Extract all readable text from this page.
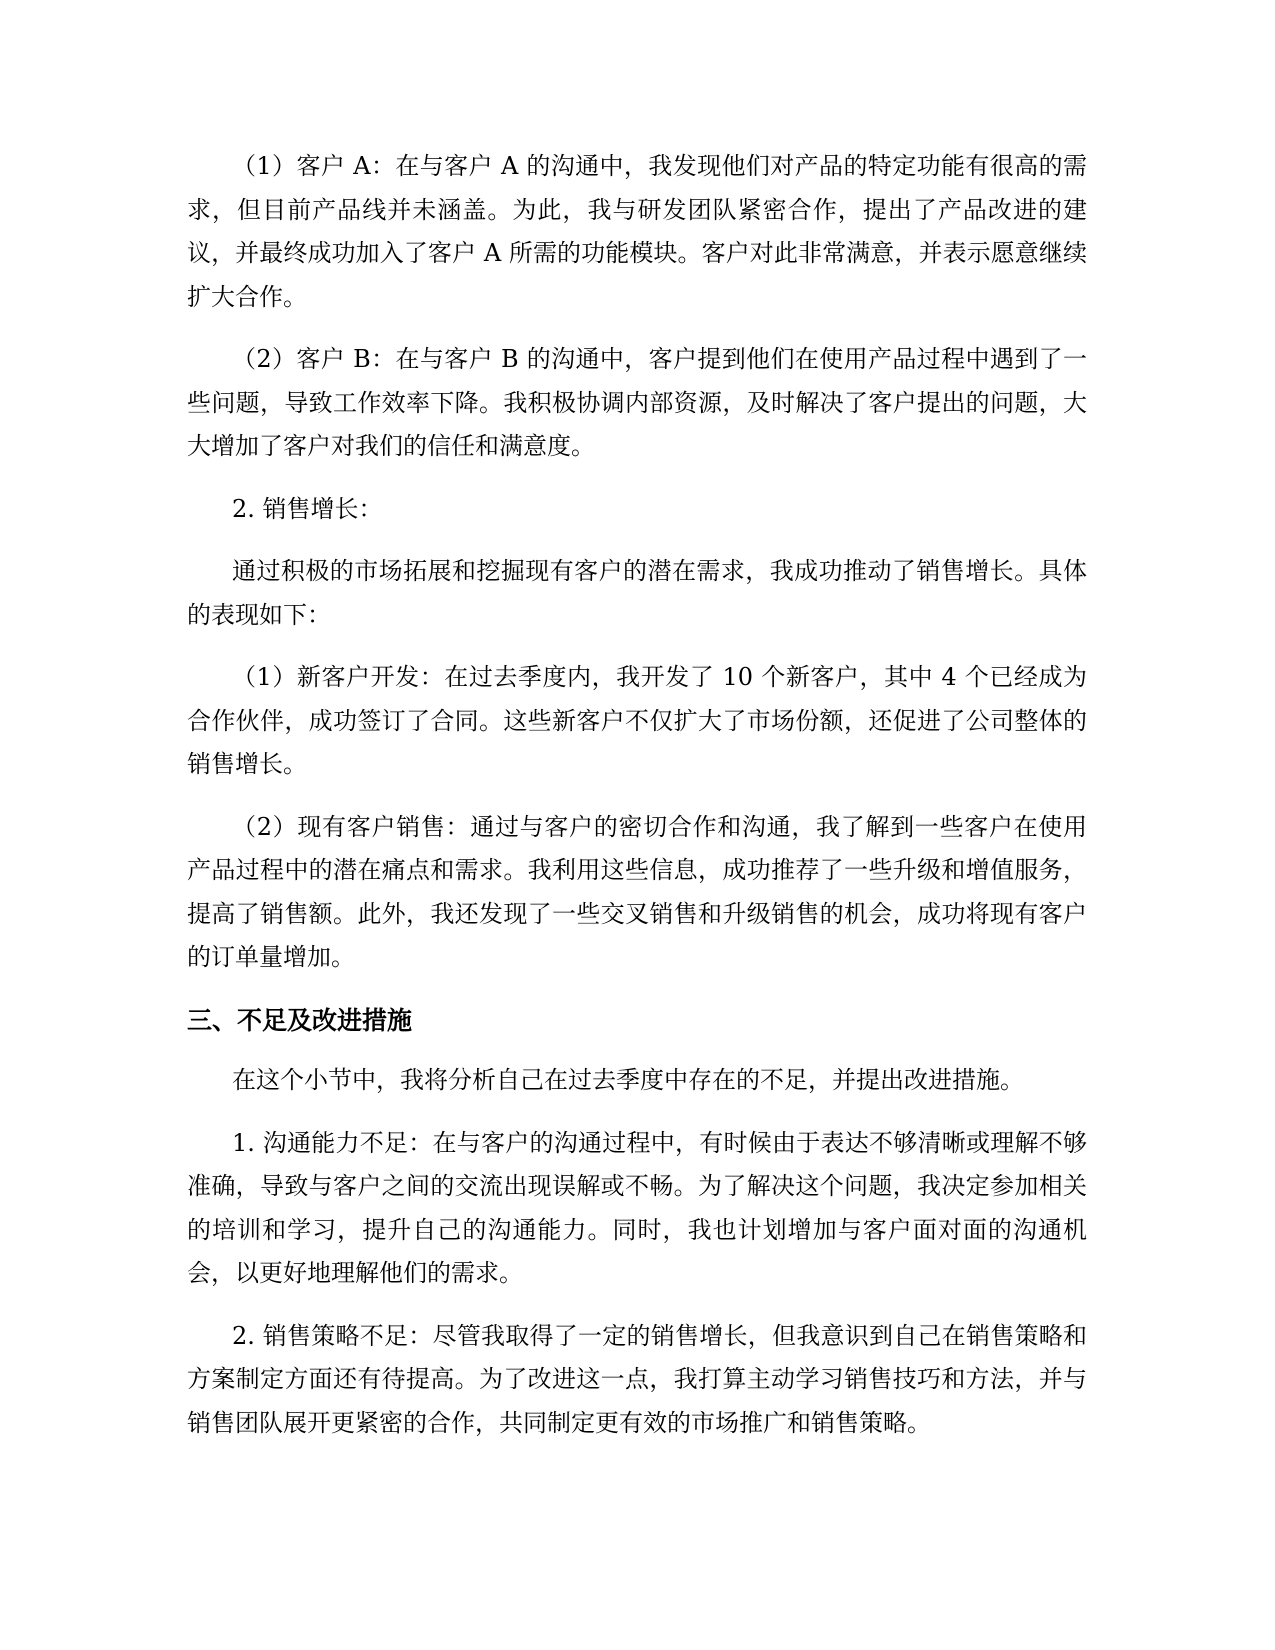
（1）客户 A：在与客户 A 的沟通中，我发现他们对产品的特定功能有很高的需求，但目前产品线并未涵盖。为此，我与研发团队紧密合作，提出了产品改进的建议，并最终成功加入了客户 A 所需的功能模块。客户对此非常满意，并表示愿意继续扩大合作。

（2）客户 B：在与客户 B 的沟通中，客户提到他们在使用产品过程中遇到了一些问题，导致工作效率下降。我积极协调内部资源，及时解决了客户提出的问题，大大增加了客户对我们的信任和满意度。

2. 销售增长：

通过积极的市场拓展和挖掘现有客户的潜在需求，我成功推动了销售增长。具体的表现如下：

（1）新客户开发：在过去季度内，我开发了 10 个新客户，其中 4 个已经成为合作伙伴，成功签订了合同。这些新客户不仅扩大了市场份额，还促进了公司整体的销售增长。

（2）现有客户销售：通过与客户的密切合作和沟通，我了解到一些客户在使用产品过程中的潜在痛点和需求。我利用这些信息，成功推荐了一些升级和增值服务，提高了销售额。此外，我还发现了一些交叉销售和升级销售的机会，成功将现有客户的订单量增加。

三、不足及改进措施

在这个小节中，我将分析自己在过去季度中存在的不足，并提出改进措施。

1. 沟通能力不足：在与客户的沟通过程中，有时候由于表达不够清晰或理解不够准确，导致与客户之间的交流出现误解或不畅。为了解决这个问题，我决定参加相关的培训和学习，提升自己的沟通能力。同时，我也计划增加与客户面对面的沟通机会，以更好地理解他们的需求。

2. 销售策略不足：尽管我取得了一定的销售增长，但我意识到自己在销售策略和方案制定方面还有待提高。为了改进这一点，我打算主动学习销售技巧和方法，并与销售团队展开更紧密的合作，共同制定更有效的市场推广和销售策略。
